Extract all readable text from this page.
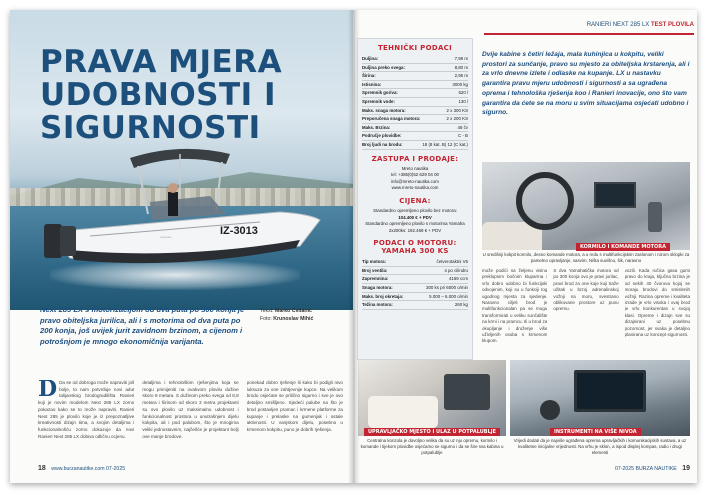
IZ-3013
~~~
PRAVA MJERA
UDOBNOSTI I
SIGURNOSTI

Next 285 LX s motorizacijom od dva puta po 300 konja je pravo obiteljska jurilica, ali i s motorima od dva puta po 200 konja, još uvijek jurit zavidnom brzinom, a cijenom i potrošnjom je mnogo ekonomičnija varijanta.

Tekst: Marko Cvitanić
Foto: Krunoslav Mihić
D Da se od dobroga može napraviti još bolje, to nam potvrđuje novi adut talijanskog brodogradilišta Ranieri koji je novim modelom Next 285 LX zorno pokazao kako se to može napraviti. Ranieri Next 285 je plovilo koje je iz prepoznatljive kreativnosti dizajn tima, a svojim detaljima i funkcionalnošću zorno dokazuje da novi Ranieri Next 285 LX dobiva odličnu ocjenu.
detaljima i tehnološkim rješenjima koja se mogu primijeniti na ovakvom plovilu dužine skoro 8 metara. S dužinom preko svega od 8,8 metara i širinom od skoro 3 metra projektanti su ovo plovilo uz maksimalnu udobnost i funkcionalnost prostora u unutrašnjem dijelu kokpita, ali i pod palubom, što je mnogima veliki jednostavnim, najčešće je projektant bolji ove manje brodove.
ponekad dobro rješenje ili kako bi podigli nivo luksuza za one zahtjevnije kupce. Na velikom brodu osjećate se prilično sigurno i sve je ovo detaljno smišljeno. Sjedeći palube na što je brod postavljen pramac i krmene platforme za kupanje i prelaske na gumenjak i ostale aktivnosti. U vanjskom dijelu, posebno u krmenom kokpitu, puno je dobrih rješenja.
18 www.burzanautike.com 07-2025
TEHNIČKI PODACI
Duljina:	7,98 m
Duljina preko svega:	8,80 m
Širina:	2,95 m
Istisnina:	3000 kg
Spremnik goriva:	520 l
Spremnik vode:	130 l
Maks. snaga motora:	2 x 300 KS
Preporučena snaga motora:	2 x 200 KS
Maks. Brzina:	48 čv
Područje plovidbe:	C - B
Broj ljudi na brodu:	18 (8 kat. B) 12 (C kat.)
ZASTUPA I PRODAJE:
Mreto nautika
tel: +385(0)52 629 04 00
info@mreto-nautika.com
www.mreto-nautika.com
CIJENA:
Standardno opremljeno plovilo bez motora:
104.400 € + PDV
Standardno opremljeno plovilo s motorima Yamaha 2x200ks: 192.469 € + PDV
PODACI O MOTORU: YAMAHA 300 KS
Tip motora:	četverotaktni V6
Broj ventila:	4 po cilindru
Zapremnina:	4169 ccm
Snaga motora:	300 ks pri 6000 o/min
Maks. broj okretaja:	5.000 – 6.000 o/min
Težina motora:	260 kg
RANIERI NEXT 285 LX TEST PLOVILA

Dvije kabine s četiri ležaja, mala kuhinjica u kokpitu, veliki prostori za sunčanje, pravo su mjesto za obiteljska krstarenja, ali i za vrlo dnevne izlete i odlaske na kupanje. LX u nastavku garantira pravu mjeru udobnosti i sigurnosti a sa ugrađena oprema i tehnološka rješenja koo i Ranieri inovacije, ono što vam garantira da ćete se na moru u svim situacijama osjećati udobno i sigurno.

KORMILO I KOMANDE MOTORA
U središnji kokpit kormilo, desno komande motora, a u redu s multifunkcijskim zaslonom i nizom sklopki za pametno upravljanje, sasvim, Ništa suvišno, šik, naravno
može podići na željenu visinu preklopnim bočnim kluparma i vrlo dobro udobno bi funkcijski odvojenim, koji su u funkciji tog ugodnog mjesta za sjedenje. Naravno ciljeli brod je multifunkcionalan pa se mogu transformirati u veliku sunčalište na krmi i na pramcu. Ili u brod za okupljanje i druženje više uživljenih osoba s krmenom klupom.
S dva Yamahatička motora od po 300 konja ovo je pravi jurilac, pravi brod za one koje koji traže užitak u brzoj adrenalinskoj vožnji na moru, svestrano oblikovane prostore uz punu opremu.
vozili. Kada ručica gasa gumi pravo do kraja, ključna brzina je od nekih 40 čvorova kojoj se moraju brodovi do smislenih vožnji. Razina opreme i kvaliteta izrade je vrlo visoka i ovaj brod je vrlo konkurentan u svojoj klasi. Opreme i dizajn sve su dizajnirani uz posebnu pozornost, jer svaka je detaljno planirana uz koncept sigurnosti.
UPRAVLJAČKO MJESTO I ULAZ U POTPALUBLJE
Centralna konzola je dovoljno velika da su uz nju opremu, kormilo i komande i tijekom plovidbe osjećamo se sigurno i da se šire sva kabina u potpalublje
INSTRUMENTI NA VIŠE NIVOA
Vrijedi dodati da je najviše ugrađena oprema upravljačkih i komunikacijskih sustava, a uz kvalitetne inicijalne vrijednosti. Na vrhu je sklon, a ispod displej kompas, radio i drugi elementi
07-2025 BURZA NAUTIKE 19
